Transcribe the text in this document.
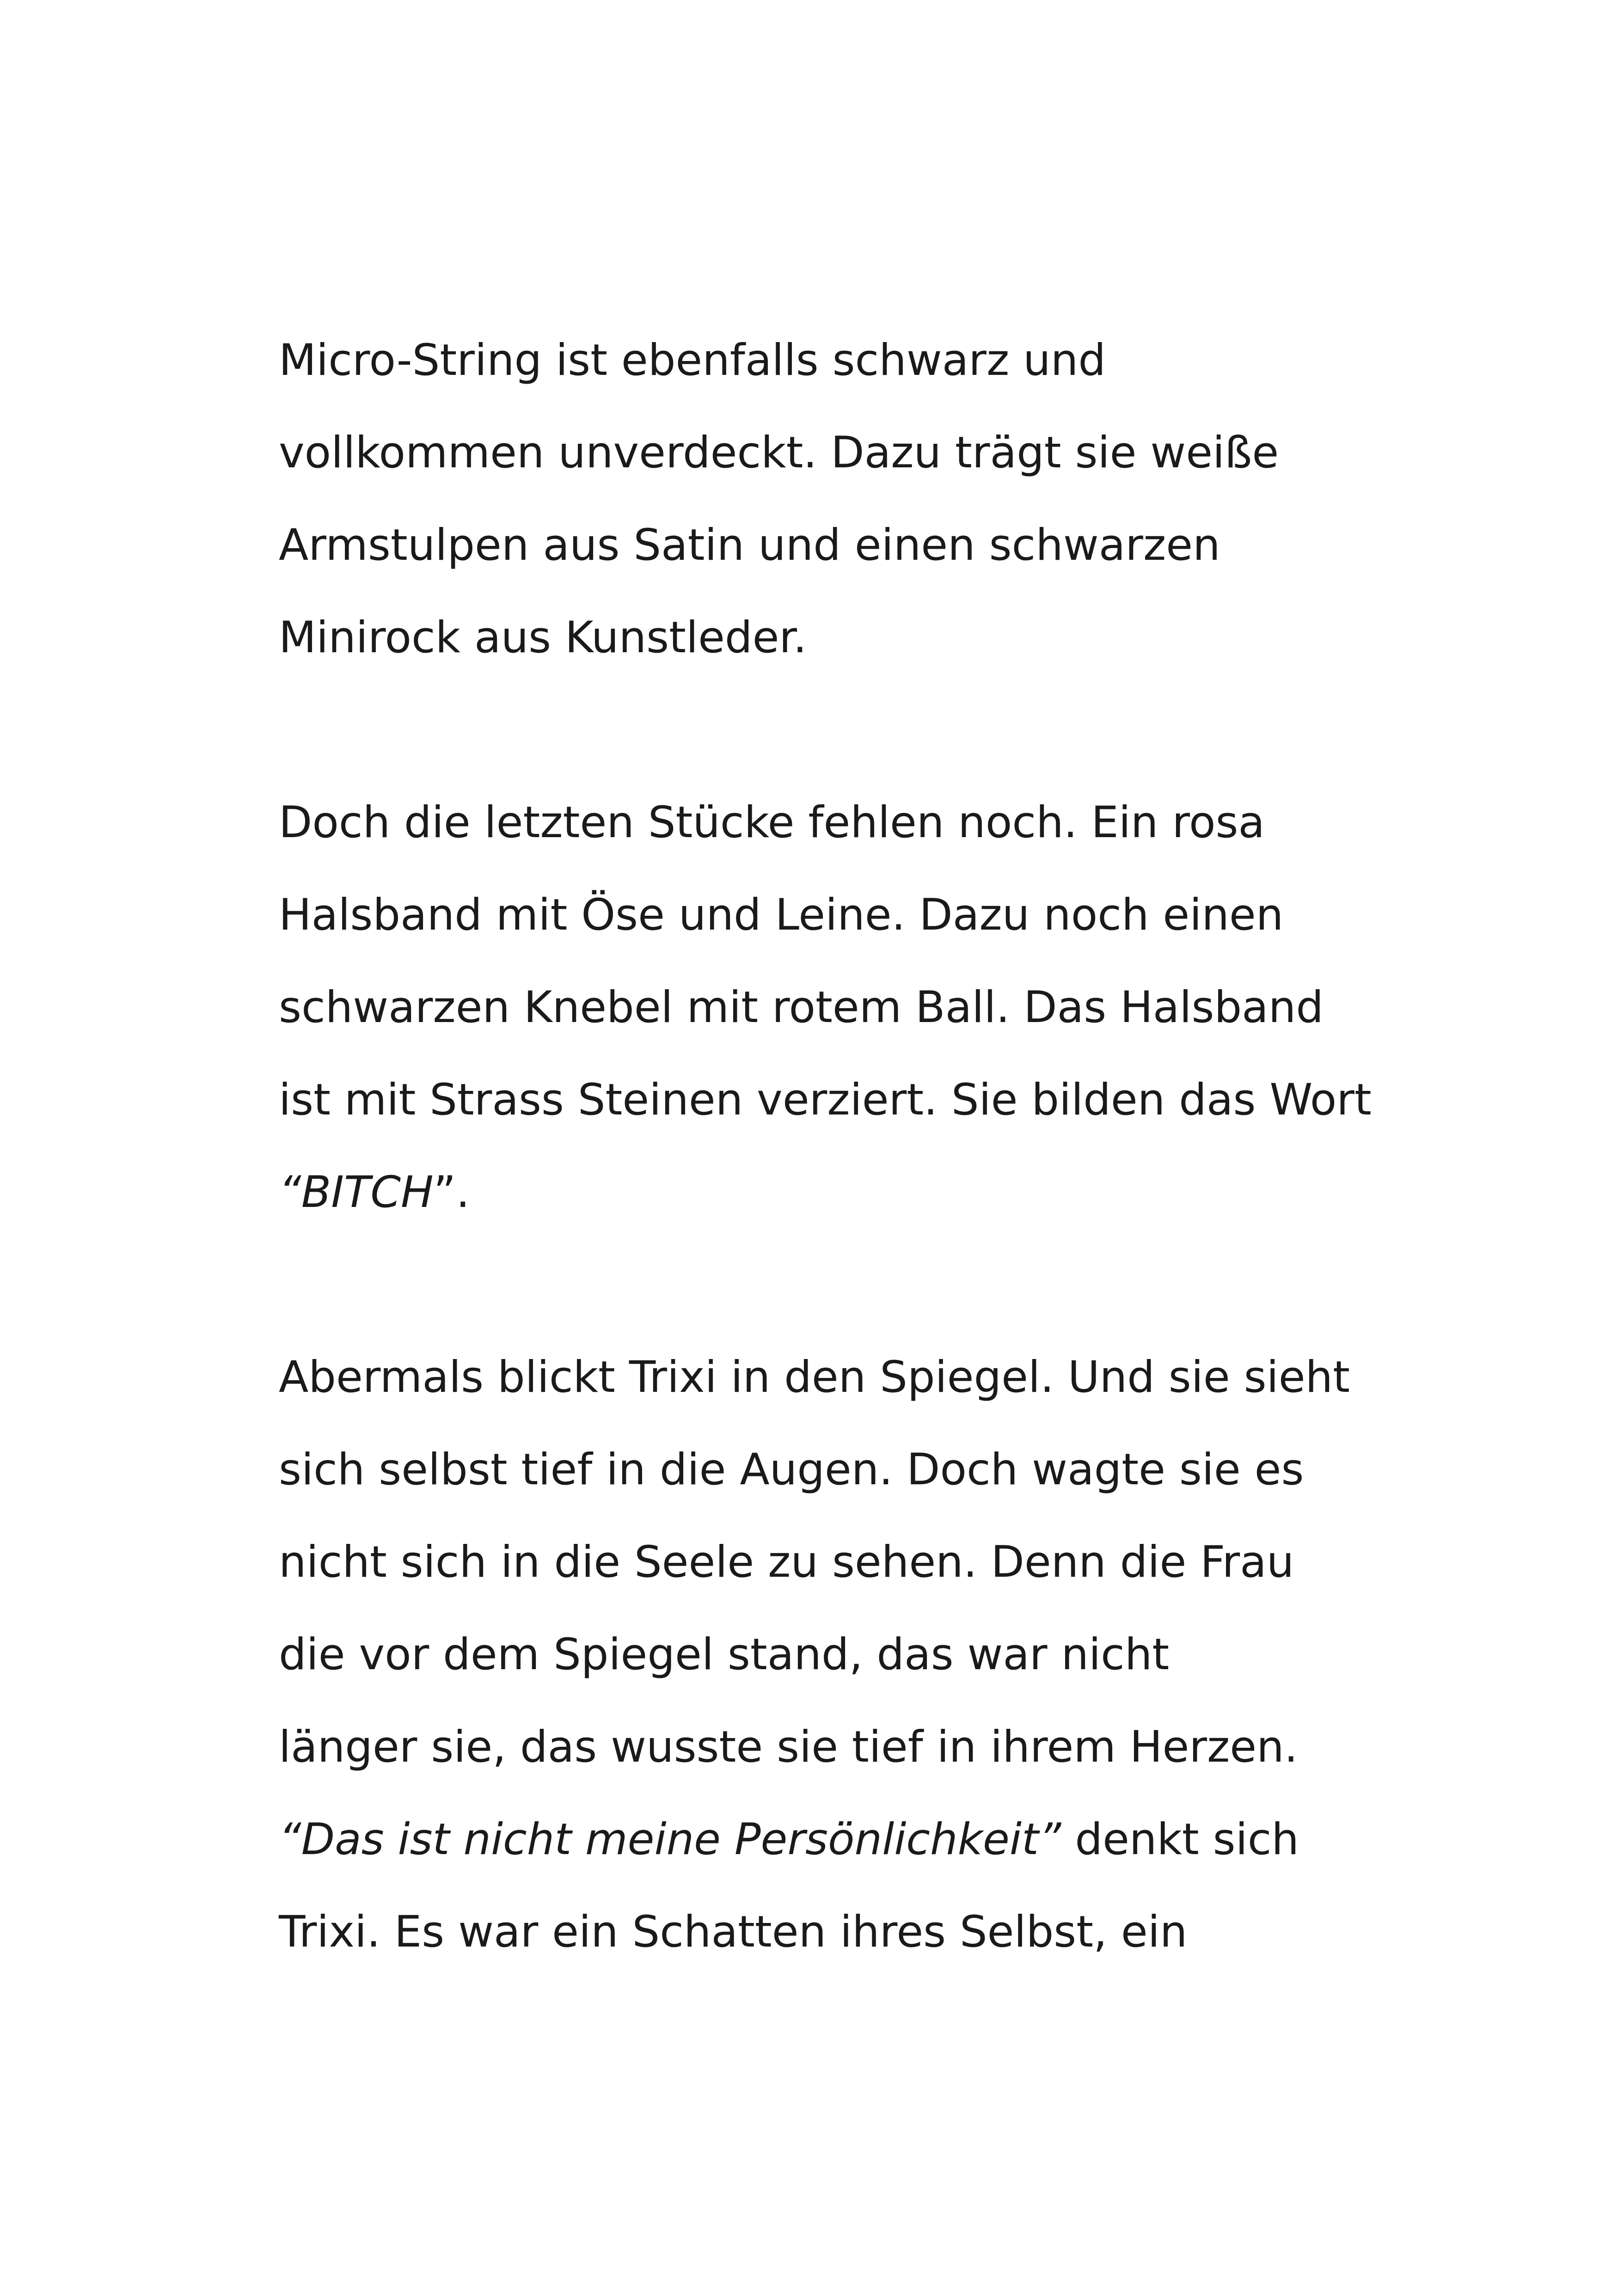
Micro-String ist ebenfalls schwarz und
vollkommen unverdeckt. Dazu trägt sie weiße
Armstulpen aus Satin und einen schwarzen
Minirock aus Kunstleder.

Doch die letzten Stücke fehlen noch. Ein rosa
Halsband mit Öse und Leine. Dazu noch einen
schwarzen Knebel mit rotem Ball. Das Halsband
ist mit Strass Steinen verziert. Sie bilden das Wort
“BITCH”.

Abermals blickt Trixi in den Spiegel. Und sie sieht
sich selbst tief in die Augen. Doch wagte sie es
nicht sich in die Seele zu sehen. Denn die Frau
die vor dem Spiegel stand, das war nicht
länger sie, das wusste sie tief in ihrem Herzen.
“Das ist nicht meine Persönlichkeit” denkt sich
Trixi. Es war ein Schatten ihres Selbst, ein
